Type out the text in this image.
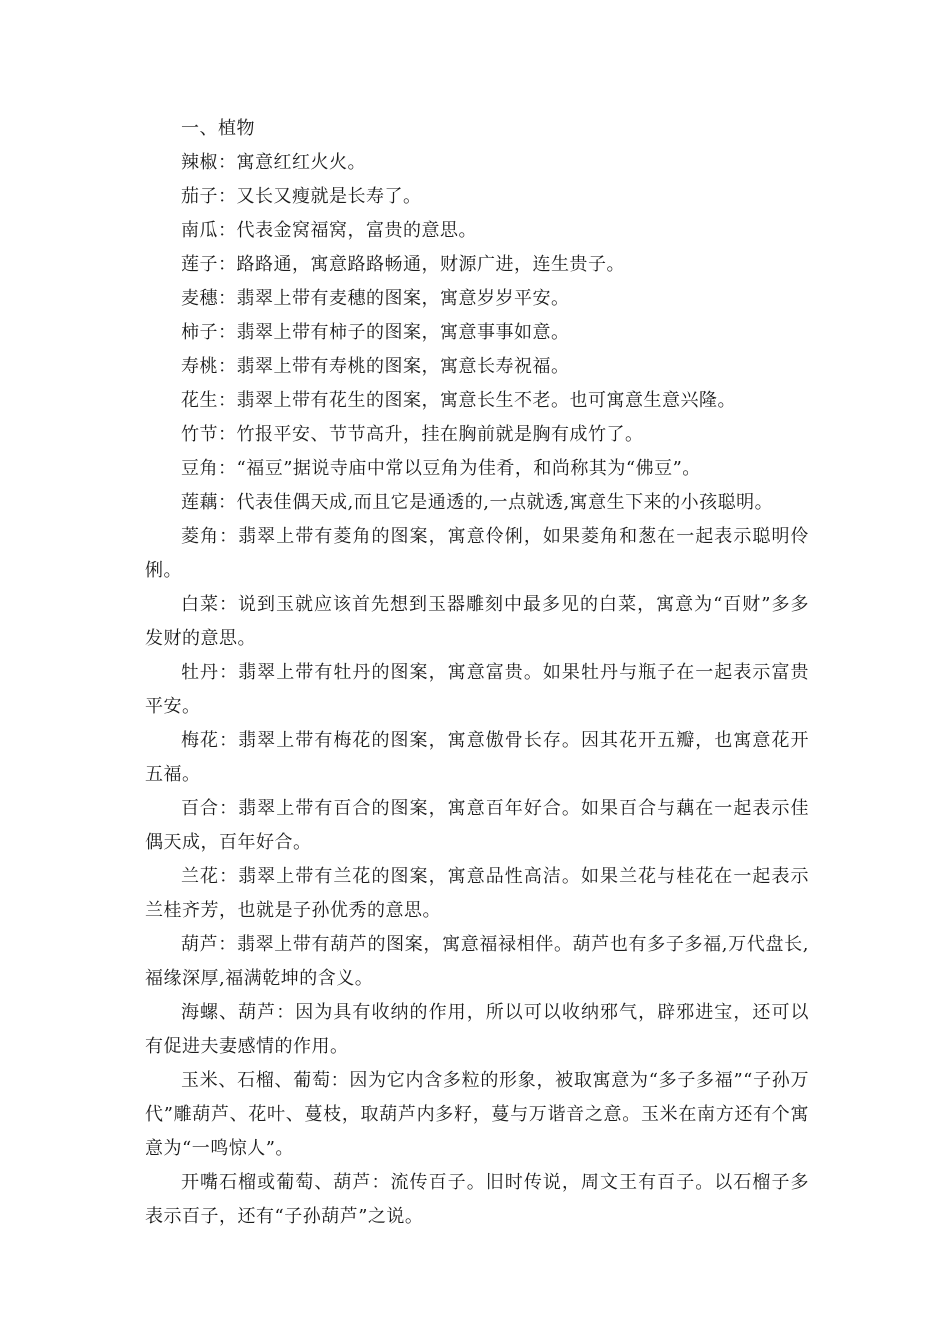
一、植物

辣椒：寓意红红火火。

茄子：又长又瘦就是长寿了。

南瓜：代表金窝福窝，富贵的意思。

莲子：路路通，寓意路路畅通，财源广进，连生贵子。

麦穗：翡翠上带有麦穗的图案，寓意岁岁平安。

柿子：翡翠上带有柿子的图案，寓意事事如意。

寿桃：翡翠上带有寿桃的图案，寓意长寿祝福。

花生：翡翠上带有花生的图案，寓意长生不老。也可寓意生意兴隆。

竹节：竹报平安、节节高升，挂在胸前就是胸有成竹了。

豆角：“福豆”据说寺庙中常以豆角为佳肴，和尚称其为“佛豆”。

莲藕：代表佳偶天成,而且它是通透的,一点就透,寓意生下来的小孩聪明。

菱角：翡翠上带有菱角的图案，寓意伶俐，如果菱角和葱在一起表示聪明伶俐。

白菜：说到玉就应该首先想到玉器雕刻中最多见的白菜，寓意为“百财”多多发财的意思。

牡丹：翡翠上带有牡丹的图案，寓意富贵。如果牡丹与瓶子在一起表示富贵平安。

梅花：翡翠上带有梅花的图案，寓意傲骨长存。因其花开五瓣，也寓意花开五福。

百合：翡翠上带有百合的图案，寓意百年好合。如果百合与藕在一起表示佳偶天成，百年好合。

兰花：翡翠上带有兰花的图案，寓意品性高洁。如果兰花与桂花在一起表示兰桂齐芳，也就是子孙优秀的意思。

葫芦：翡翠上带有葫芦的图案，寓意福禄相伴。葫芦也有多子多福,万代盘长,福缘深厚,福满乾坤的含义。

海螺、葫芦：因为具有收纳的作用，所以可以收纳邪气，辟邪进宝，还可以有促进夫妻感情的作用。

玉米、石榴、葡萄：因为它内含多粒的形象，被取寓意为“多子多福”“子孙万代”雕葫芦、花叶、蔓枝，取葫芦内多籽，蔓与万谐音之意。玉米在南方还有个寓意为“一鸣惊人”。

开嘴石榴或葡萄、葫芦：流传百子。旧时传说，周文王有百子。以石榴子多表示百子，还有“子孙葫芦”之说。
